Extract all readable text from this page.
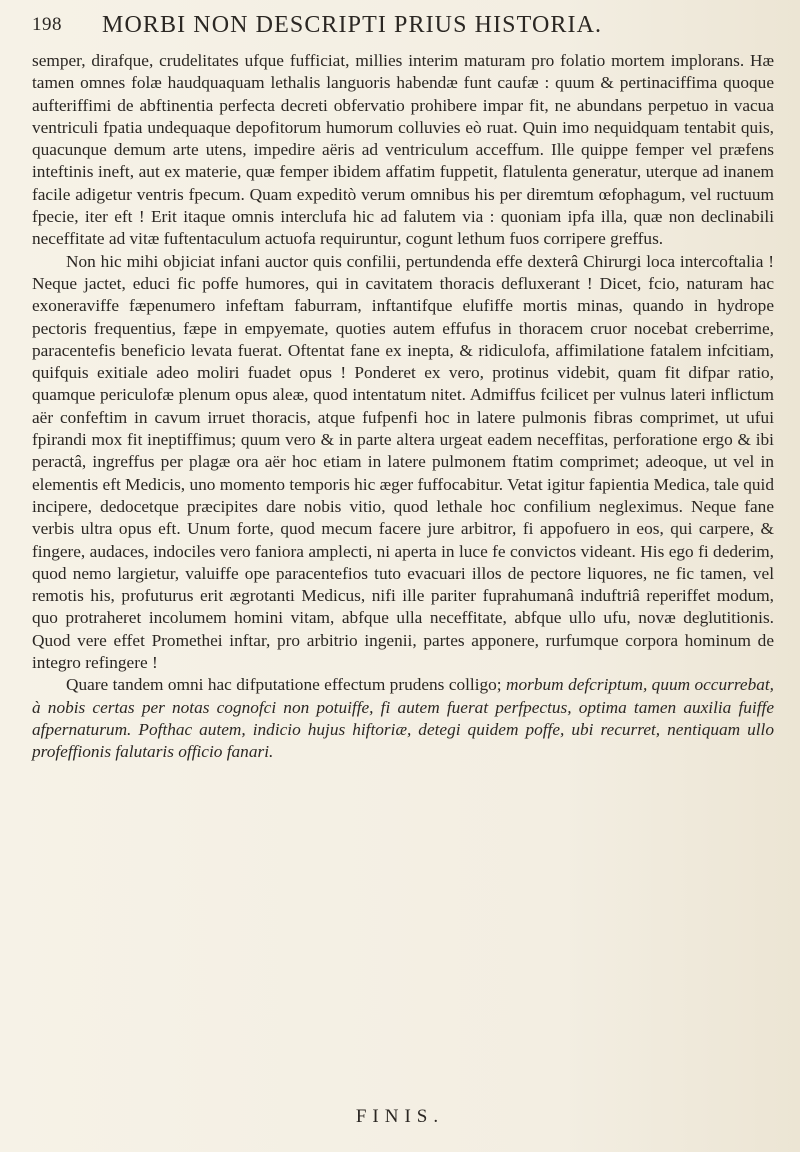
198 MORBI NON DESCRIPTI PRIUS HISTORIA.

semper, dirafque, crudelitates ufque fufficiat, millies interim maturam pro folatio mortem implorans. Hæ tamen omnes folæ haudquaquam lethalis languoris habendæ funt caufæ : quum & pertinaciffima quoque aufteriffimi de abftinentia perfecta decreti obfervatio prohibere impar fit, ne abundans perpetuo in vacua ventriculi fpatia undequaque depofitorum humorum colluvies eò ruat. Quin imo nequidquam tentabit quis, quacunque demum arte utens, impedire aëris ad ventriculum acceffum. Ille quippe femper vel præfens inteftinis ineft, aut ex materie, quæ femper ibidem affatim fuppetit, flatulenta generatur, uterque ad inanem facile adigetur ventris fpecum. Quam expeditò verum omnibus his per diremtum œfophagum, vel ructuum fpecie, iter eft ! Erit itaque omnis interclufa hic ad falutem via : quoniam ipfa illa, quæ non declinabili neceffitate ad vitæ fuftentaculum actuofa requiruntur, cogunt lethum fuos corripere greffus.

Non hic mihi objiciat infani auctor quis confilii, pertundenda effe dexterâ Chirurgi loca intercoftalia ! Neque jactet, educi fic poffe humores, qui in cavitatem thoracis defluxerant ! Dicet, fcio, naturam hac exoneraviffe fæpenumero infeftam faburram, inftantifque elufiffe mortis minas, quando in hydrope pectoris frequentius, fæpe in empyemate, quoties autem effufus in thoracem cruor nocebat creberrime, paracentefis beneficio levata fuerat. Oftentat fane ex inepta, & ridiculofa, affimilatione fatalem infcitiam, quifquis exitiale adeo moliri fuadet opus ! Ponderet ex vero, protinus videbit, quam fit difpar ratio, quamque periculofæ plenum opus aleæ, quod intentatum nitet. Admiffus fcilicet per vulnus lateri inflictum aër confeftim in cavum irruet thoracis, atque fufpenfi hoc in latere pulmonis fibras comprimet, ut ufui fpirandi mox fit ineptiffimus; quum vero & in parte altera urgeat eadem neceffitas, perforatione ergo & ibi peractâ, ingreffus per plagæ ora aër hoc etiam in latere pulmonem ftatim comprimet; adeoque, ut vel in elementis eft Medicis, uno momento temporis hic æger fuffocabitur. Vetat igitur fapientia Medica, tale quid incipere, dedocetque præcipites dare nobis vitio, quod lethale hoc confilium negleximus. Neque fane verbis ultra opus eft. Unum forte, quod mecum facere jure arbitror, fi appofuero in eos, qui carpere, & fingere, audaces, indociles vero faniora amplecti, ni aperta in luce fe convictos videant. His ego fi dederim, quod nemo largietur, valuiffe ope paracentefios tuto evacuari illos de pectore liquores, ne fic tamen, vel remotis his, profuturus erit ægrotanti Medicus, nifi ille pariter fuprahumanâ induftriâ reperiffet modum, quo protraheret incolumem homini vitam, abfque ulla neceffitate, abfque ullo ufu, novæ deglutitionis. Quod vere effet Promethei inftar, pro arbitrio ingenii, partes apponere, rurfumque corpora hominum de integro refingere !

Quare tandem omni hac difputatione effectum prudens colligo; morbum defcriptum, quum occurrebat, à nobis certas per notas cognofci non potuiffe, fi autem fuerat perfpectus, optima tamen auxilia fuiffe afpernaturum. Pofthac autem, indicio hujus hiftoriæ, detegi quidem poffe, ubi recurret, nentiquam ullo profeffionis falutaris officio fanari.

FINIS.
